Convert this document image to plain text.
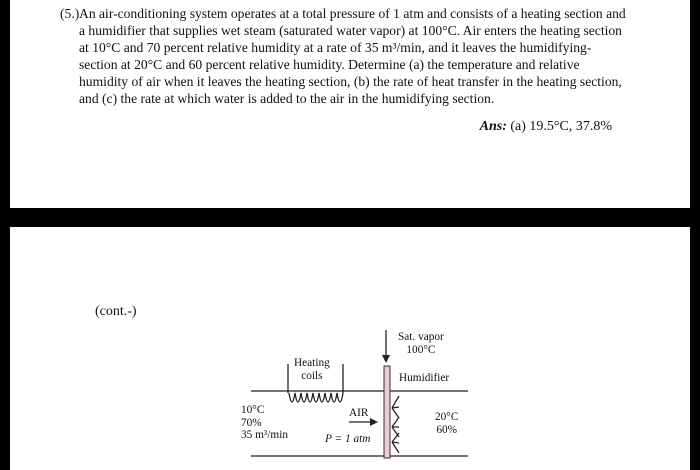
(5.) An air-conditioning system operates at a total pressure of 1 atm and consists of a heating section and a humidifier that supplies wet steam (saturated water vapor) at 100°C. Air enters the heating section at 10°C and 70 percent relative humidity at a rate of 35 m³/min, and it leaves the humidifying-section at 20°C and 60 percent relative humidity. Determine (a) the temperature and relative humidity of air when it leaves the heating section, (b) the rate of heat transfer in the heating section, and (c) the rate at which water is added to the air in the humidifying section.
Ans: (a) 19.5°C, 37.8%
(cont.-)
Sat. vapor
100°C
Heating
coils	Humidifier
10°C
70%
35 m³/min
AIR
P = 1 atm
20°C
60%
